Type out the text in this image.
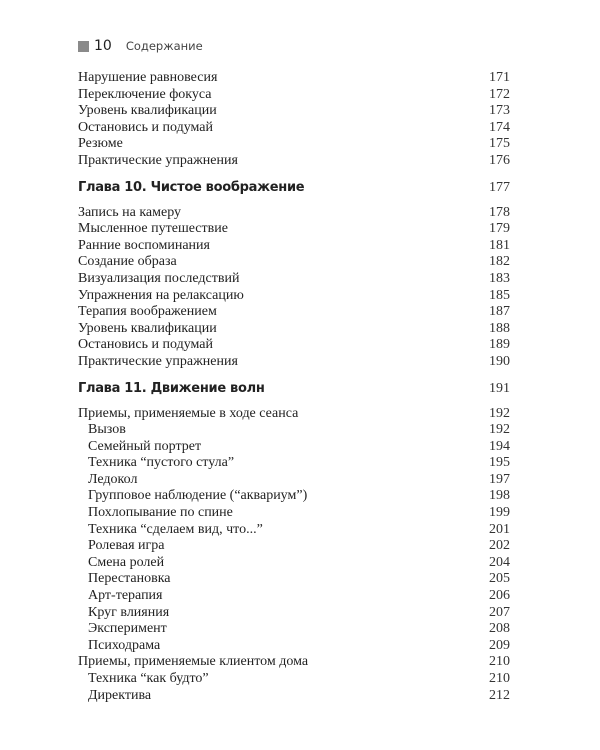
10 Содержание
Нарушение равновесия	171
Переключение фокуса	172
Уровень квалификации	173
Остановись и подумай	174
Резюме	175
Практические упражнения	176
Глава 10. Чистое воображение	177
Запись на камеру	178
Мысленное путешествие	179
Ранние воспоминания	181
Создание образа	182
Визуализация последствий	183
Упражнения на релаксацию	185
Терапия воображением	187
Уровень квалификации	188
Остановись и подумай	189
Практические упражнения	190
Глава 11. Движение волн	191
Приемы, применяемые в ходе сеанса	192
Вызов	192
Семейный портрет	194
Техника “пустого стула”	195
Ледокол	197
Групповое наблюдение (“аквариум”)	198
Похлопывание по спине	199
Техника “сделаем вид, что...”	201
Ролевая игра	202
Смена ролей	204
Перестановка	205
Арт-терапия	206
Круг влияния	207
Эксперимент	208
Психодрама	209
Приемы, применяемые клиентом дома	210
Техника “как будто”	210
Директива	212
